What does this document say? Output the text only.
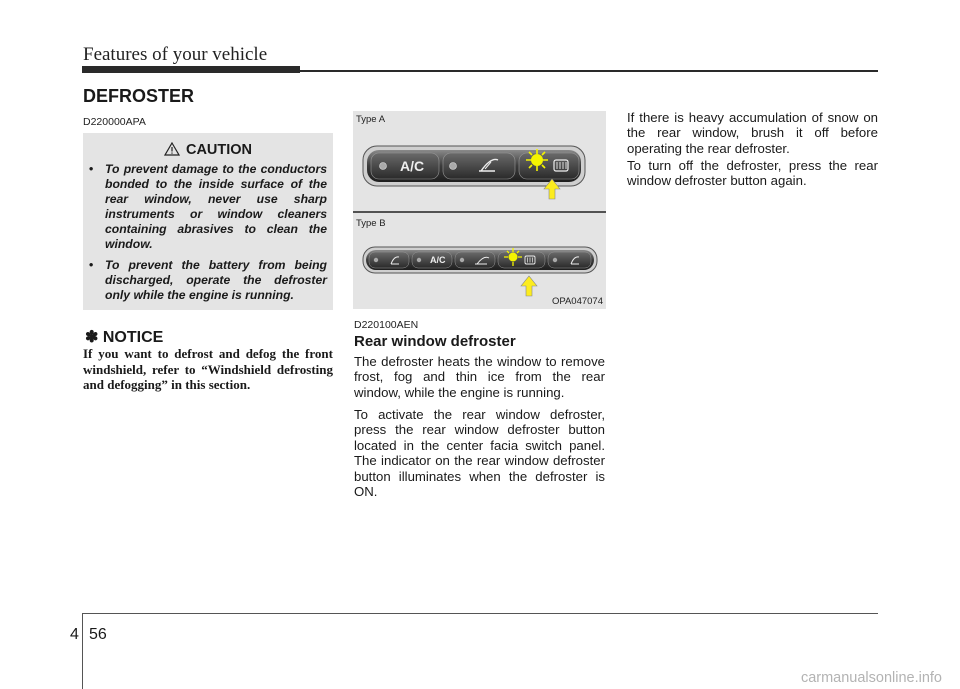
Features of your vehicle
DEFROSTER
D220000APA
CAUTION
• To prevent damage to the conductors bonded to the inside surface of the rear window, never use sharp instruments or window cleaners containing abrasives to clean the window.
• To prevent the battery from being discharged, operate the defroster only while the engine is running.
✽ NOTICE
If you want to defrost and defog the front windshield, refer to “Windshield defrosting and defogging” in this section.
Type A
Type B
OPA047074
A/C
A/C
D220100AEN
Rear window defroster
The defroster heats the window to remove frost, fog and thin ice from the rear window, while the engine is running.
To activate the rear window defroster, press the rear window defroster button located in the center facia switch panel. The indicator on the rear window defroster button illuminates when the defroster is ON.
If there is heavy accumulation of snow on the rear window, brush it off before operating the rear defroster.
To turn off the defroster, press the rear window defroster button again.
4 56
carmanualsonline.info
